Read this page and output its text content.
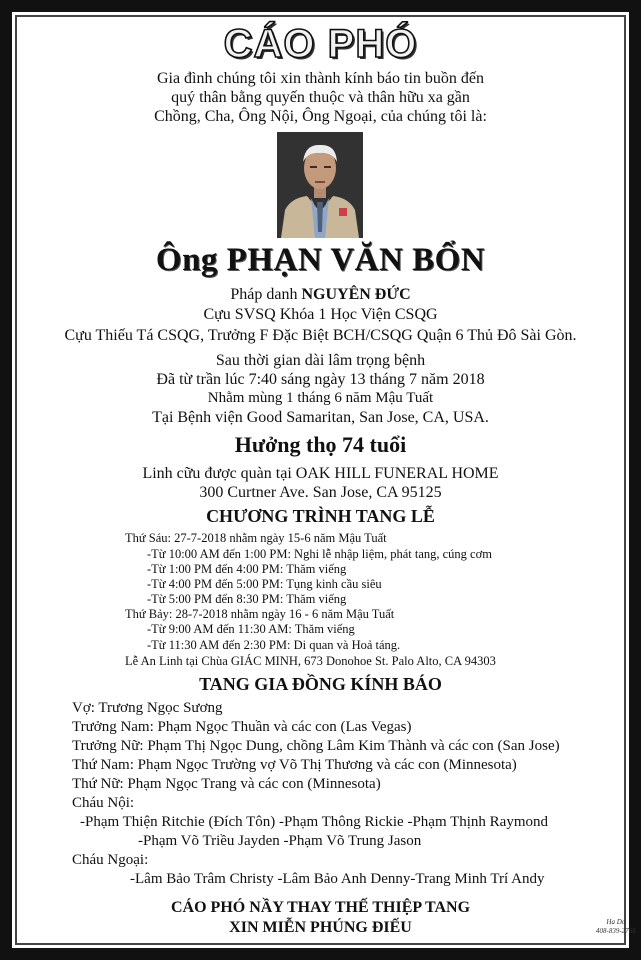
CÁO PHÓ
Gia đình chúng tôi xin thành kính báo tin buồn đến
quý thân bằng quyến thuộc và thân hữu xa gần
Chồng, Cha, Ông Nội, Ông Ngoại, của chúng tôi là:
Ông PHẠN VĂN BỔN
Pháp danh NGUYÊN ĐỨC
Cựu SVSQ Khóa 1 Học Viện CSQG
Cựu Thiếu Tá CSQG, Trưởng F Đặc Biệt BCH/CSQG Quận 6 Thủ Đô Sài Gòn.
Sau thời gian dài lâm trọng bệnh
Đã từ trần lúc 7:40 sáng ngày 13 tháng 7 năm 2018
Nhằm mùng 1 tháng 6 năm Mậu Tuất
Hưởng thọ 74 tuổi
Linh cữu được quàn tại OAK HILL FUNERAL HOME
300 Curtner Ave. San Jose, CA 95125
CHƯƠNG TRÌNH TANG LỄ
Thứ Sáu: 27-7-2018 nhằm ngày 15-6 năm Mậu Tuất
-Từ 10:00 AM đến 1:00 PM: Nghi lễ nhập liệm, phát tang, cúng cơm
-Từ 1:00 PM đến 4:00 PM: Thăm viếng
-Từ 4:00 PM đến 5:00 PM: Tụng kinh cầu siêu
-Từ 5:00 PM đến 8:30 PM: Thăm viếng
Thứ Bảy: 28-7-2018 nhằm ngày 16 - 6 năm Mậu Tuất
-Từ 9:00 AM đến 11:30 AM: Thăm viếng
-Từ 11:30 AM đến 2:30 PM: Di quan và Hoả táng.
Lễ An Linh tại Chùa GIÁC MINH, 673 Donohoe St. Palo Alto, CA 94303
TANG GIA ĐỒNG KÍNH BÁO
Vợ: Trương Ngọc Sương
Trưởng Nam: Phạm Ngọc Thuần và các con (Las Vegas)
Trưởng Nữ: Phạm Thị Ngọc Dung, chồng Lâm Kim Thành và các con (San Jose)
Thứ Nam: Phạm Ngọc Trường vợ Võ Thị Thương và các con (Minnesota)
Thứ Nữ: Phạm Ngọc Trang và các con (Minnesota)
Cháu Nội:
-Phạm Thiện Ritchie (Đích Tôn) -Phạm Thông Rickie -Phạm Thịnh Raymond
-Phạm Võ Triều Jayden -Phạm Võ Trung Jason
Cháu Ngoại:
-Lâm Bảo Trâm Christy -Lâm Bảo Anh Denny-Trang Minh Trí Andy
CÁO PHÓ NẦY THAY THẾ THIỆP TANG
XIN MIỄN PHÚNG ĐIẾU	Ha Do
408-839-2765
Tại Bệnh viện Good Samaritan, San Jose, CA, USA.
